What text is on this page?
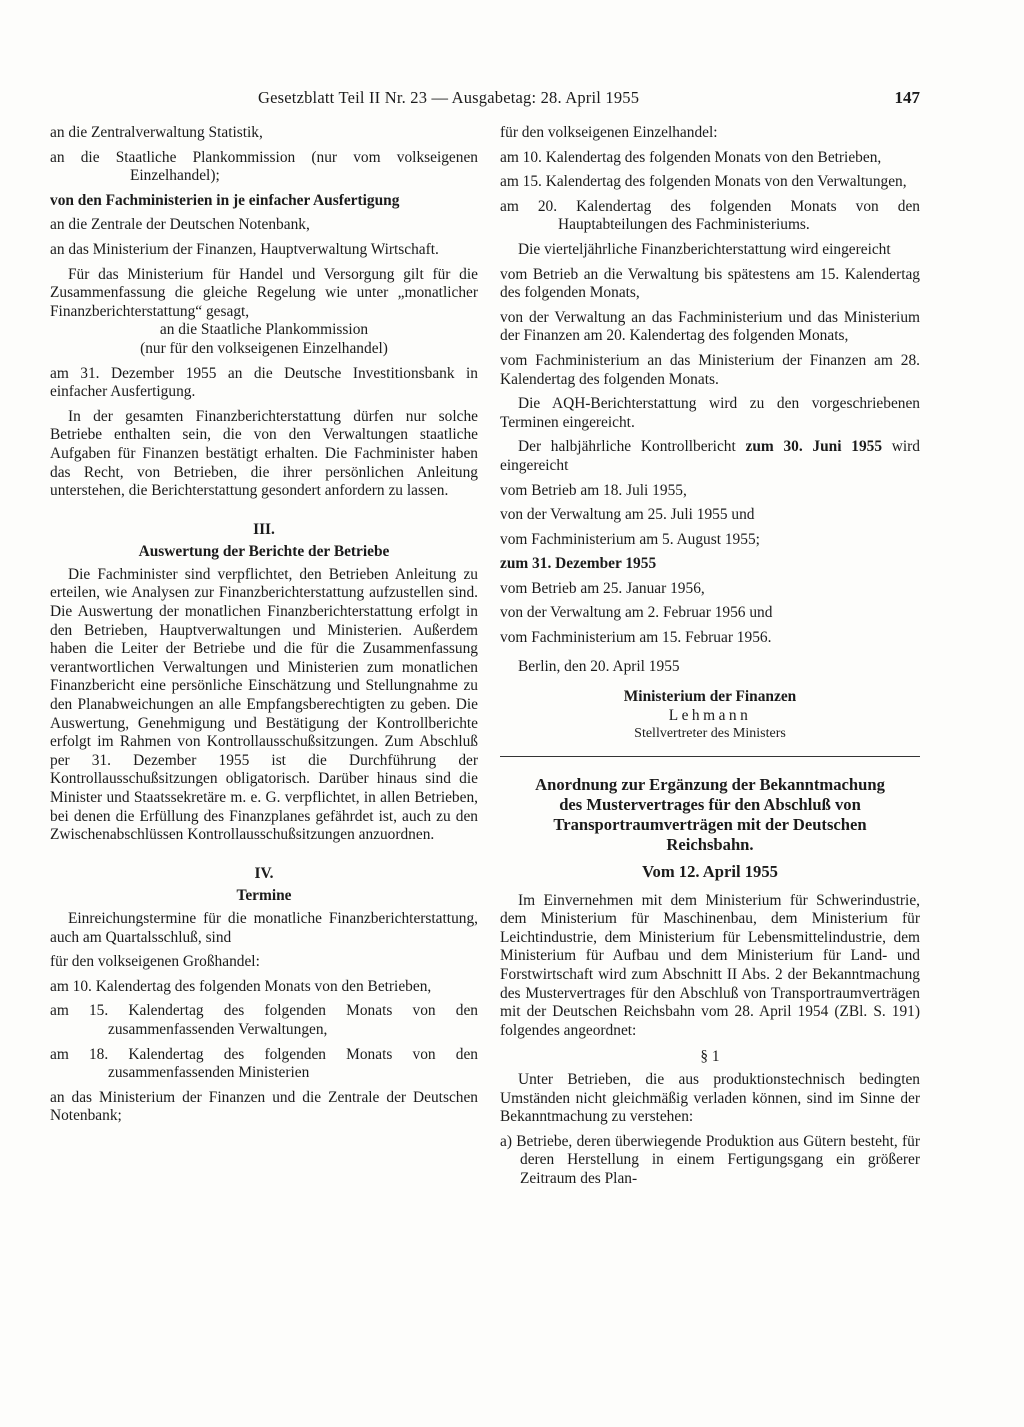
Gesetzblatt Teil II Nr. 23 — Ausgabetag: 28. April 1955	147

an die Zentralverwaltung Statistik,

an die Staatliche Plankommission (nur vom volkseigenen Einzelhandel);

von den Fachministerien in je einfacher Ausfertigung

an die Zentrale der Deutschen Notenbank,

an das Ministerium der Finanzen, Hauptverwaltung Wirtschaft.

Für das Ministerium für Handel und Versorgung gilt für die Zusammenfassung die gleiche Regelung wie unter „monatlicher Finanzberichterstattung“ gesagt,

an die Staatliche Plankommission

(nur für den volkseigenen Einzelhandel)

am 31. Dezember 1955 an die Deutsche Investitionsbank in einfacher Ausfertigung.

In der gesamten Finanzberichterstattung dürfen nur solche Betriebe enthalten sein, die von den Verwaltungen staatliche Aufgaben für Finanzen bestätigt erhalten. Die Fachminister haben das Recht, von Betrieben, die ihrer persönlichen Anleitung unterstehen, die Berichterstattung gesondert anfordern zu lassen.

III.

Auswertung der Berichte der Betriebe

Die Fachminister sind verpflichtet, den Betrieben Anleitung zu erteilen, wie Analysen zur Finanzberichterstattung aufzustellen sind. Die Auswertung der monatlichen Finanzberichterstattung erfolgt in den Betrieben, Hauptverwaltungen und Ministerien. Außerdem haben die Leiter der Betriebe und die für die Zusammenfassung verantwortlichen Verwaltungen und Ministerien zum monatlichen Finanzbericht eine persönliche Einschätzung und Stellungnahme zu den Planabweichungen an alle Empfangsberechtigten zu geben. Die Auswertung, Genehmigung und Bestätigung der Kontrollberichte erfolgt im Rahmen von Kontrollausschußsitzungen. Zum Abschluß per 31. Dezember 1955 ist die Durchführung der Kontrollausschußsitzungen obligatorisch. Darüber hinaus sind die Minister und Staatssekretäre m. e. G. verpflichtet, in allen Betrieben, bei denen die Erfüllung des Finanzplanes gefährdet ist, auch zu den Zwischenabschlüssen Kontrollausschußsitzungen anzuordnen.

IV.

Termine

Einreichungstermine für die monatliche Finanzberichterstattung, auch am Quartalsschluß, sind

für den volkseigenen Großhandel:

am 10. Kalendertag des folgenden Monats von den Betrieben,

am 15. Kalendertag des folgenden Monats von den zusammenfassenden Verwaltungen,

am 18. Kalendertag des folgenden Monats von den zusammenfassenden Ministerien

an das Ministerium der Finanzen und die Zentrale der Deutschen Notenbank;

für den volkseigenen Einzelhandel:

am 10. Kalendertag des folgenden Monats von den Betrieben,

am 15. Kalendertag des folgenden Monats von den Verwaltungen,

am 20. Kalendertag des folgenden Monats von den Hauptabteilungen des Fachministeriums.

Die vierteljährliche Finanzberichterstattung wird eingereicht

vom Betrieb an die Verwaltung bis spätestens am 15. Kalendertag des folgenden Monats,

von der Verwaltung an das Fachministerium und das Ministerium der Finanzen am 20. Kalendertag des folgenden Monats,

vom Fachministerium an das Ministerium der Finanzen am 28. Kalendertag des folgenden Monats.

Die AQH-Berichterstattung wird zu den vorgeschriebenen Terminen eingereicht.

Der halbjährliche Kontrollbericht zum 30. Juni 1955 wird eingereicht

vom Betrieb am 18. Juli 1955,

von der Verwaltung am 25. Juli 1955 und

vom Fachministerium am 5. August 1955;

zum 31. Dezember 1955

vom Betrieb am 25. Januar 1956,

von der Verwaltung am 2. Februar 1956 und

vom Fachministerium am 15. Februar 1956.

Berlin, den 20. April 1955

Ministerium der Finanzen

Lehmann

Stellvertreter des Ministers

Anordnung zur Ergänzung der Bekanntmachung des Mustervertrages für den Abschluß von Transportraumverträgen mit der Deutschen Reichsbahn.

Vom 12. April 1955

Im Einvernehmen mit dem Ministerium für Schwerindustrie, dem Ministerium für Maschinenbau, dem Ministerium für Leichtindustrie, dem Ministerium für Lebensmittelindustrie, dem Ministerium für Aufbau und dem Ministerium für Land- und Forstwirtschaft wird zum Abschnitt II Abs. 2 der Bekanntmachung des Mustervertrages für den Abschluß von Transportraumverträgen mit der Deutschen Reichsbahn vom 28. April 1954 (ZBl. S. 191) folgendes angeordnet:

§ 1

Unter Betrieben, die aus produktionstechnisch bedingten Umständen nicht gleichmäßig verladen können, sind im Sinne der Bekanntmachung zu verstehen:

a) Betriebe, deren überwiegende Produktion aus Gütern besteht, für deren Herstellung in einem Fertigungsgang ein größerer Zeitraum des Plan-
